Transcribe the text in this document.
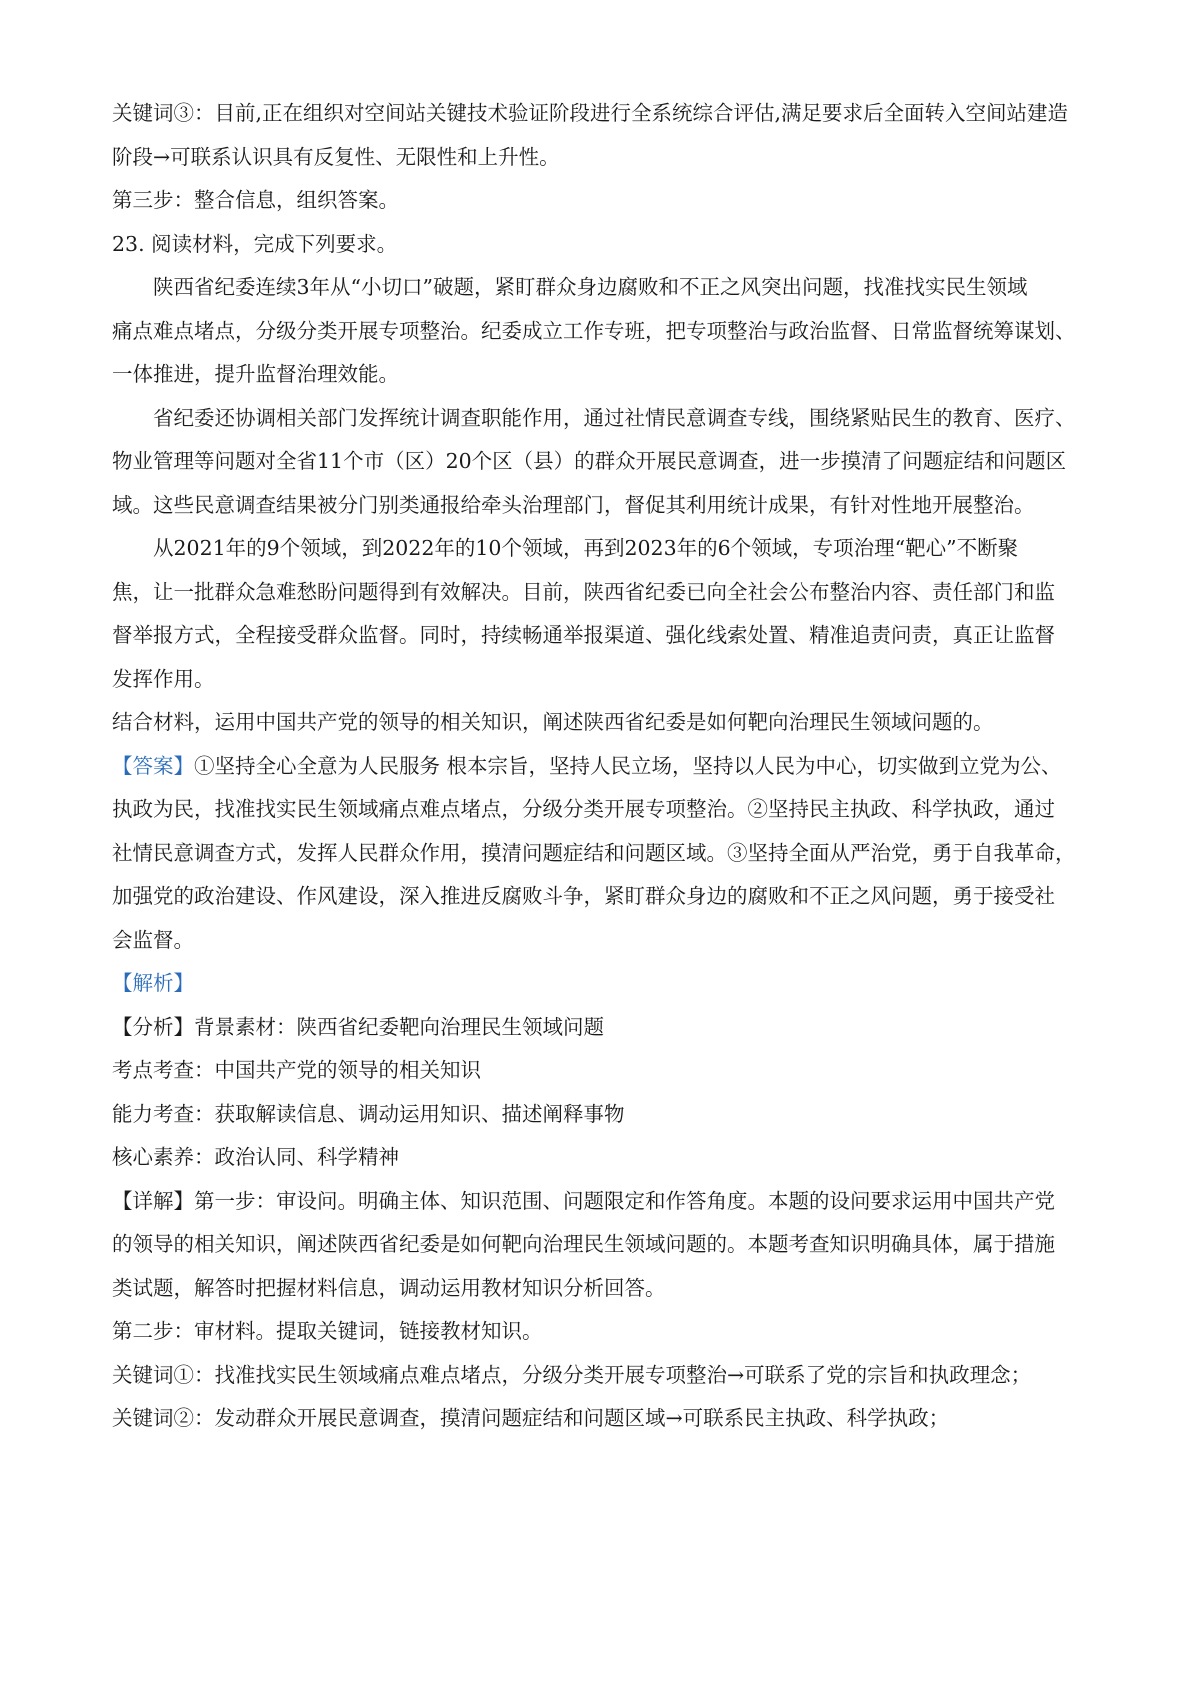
关键词③：目前,正在组织对空间站关键技术验证阶段进行全系统综合评估,满足要求后全面转入空间站建造

阶段→可联系认识具有反复性、无限性和上升性。

第三步：整合信息，组织答案。

23. 阅读材料，完成下列要求。

陕西省纪委连续3年从“小切口”破题，紧盯群众身边腐败和不正之风突出问题，找准找实民生领域

痛点难点堵点，分级分类开展专项整治。纪委成立工作专班，把专项整治与政治监督、日常监督统筹谋划、

一体推进，提升监督治理效能。

省纪委还协调相关部门发挥统计调查职能作用，通过社情民意调查专线，围绕紧贴民生的教育、医疗、

物业管理等问题对全省11个市（区）20个区（县）的群众开展民意调查，进一步摸清了问题症结和问题区

域。这些民意调查结果被分门别类通报给牵头治理部门，督促其利用统计成果，有针对性地开展整治。

从2021年的9个领域，到2022年的10个领域，再到2023年的6个领域，专项治理“靶心”不断聚

焦，让一批群众急难愁盼问题得到有效解决。目前，陕西省纪委已向全社会公布整治内容、责任部门和监

督举报方式，全程接受群众监督。同时，持续畅通举报渠道、强化线索处置、精准追责问责，真正让监督

发挥作用。

结合材料，运用中国共产党的领导的相关知识，阐述陕西省纪委是如何靶向治理民生领域问题的。

【答案】①坚持全心全意为人民服务 根本宗旨，坚持人民立场，坚持以人民为中心，切实做到立党为公、

执政为民，找准找实民生领域痛点难点堵点，分级分类开展专项整治。②坚持民主执政、科学执政，通过

社情民意调查方式，发挥人民群众作用，摸清问题症结和问题区域。③坚持全面从严治党，勇于自我革命，

加强党的政治建设、作风建设，深入推进反腐败斗争，紧盯群众身边的腐败和不正之风问题，勇于接受社

会监督。

【解析】

【分析】背景素材：陕西省纪委靶向治理民生领域问题

考点考查：中国共产党的领导的相关知识

能力考查：获取解读信息、调动运用知识、描述阐释事物

核心素养：政治认同、科学精神

【详解】第一步：审设问。明确主体、知识范围、问题限定和作答角度。本题的设问要求运用中国共产党

的领导的相关知识，阐述陕西省纪委是如何靶向治理民生领域问题的。本题考查知识明确具体，属于措施

类试题，解答时把握材料信息，调动运用教材知识分析回答。

第二步：审材料。提取关键词，链接教材知识。

关键词①：找准找实民生领域痛点难点堵点，分级分类开展专项整治→可联系了党的宗旨和执政理念；

关键词②：发动群众开展民意调查，摸清问题症结和问题区域→可联系民主执政、科学执政；
